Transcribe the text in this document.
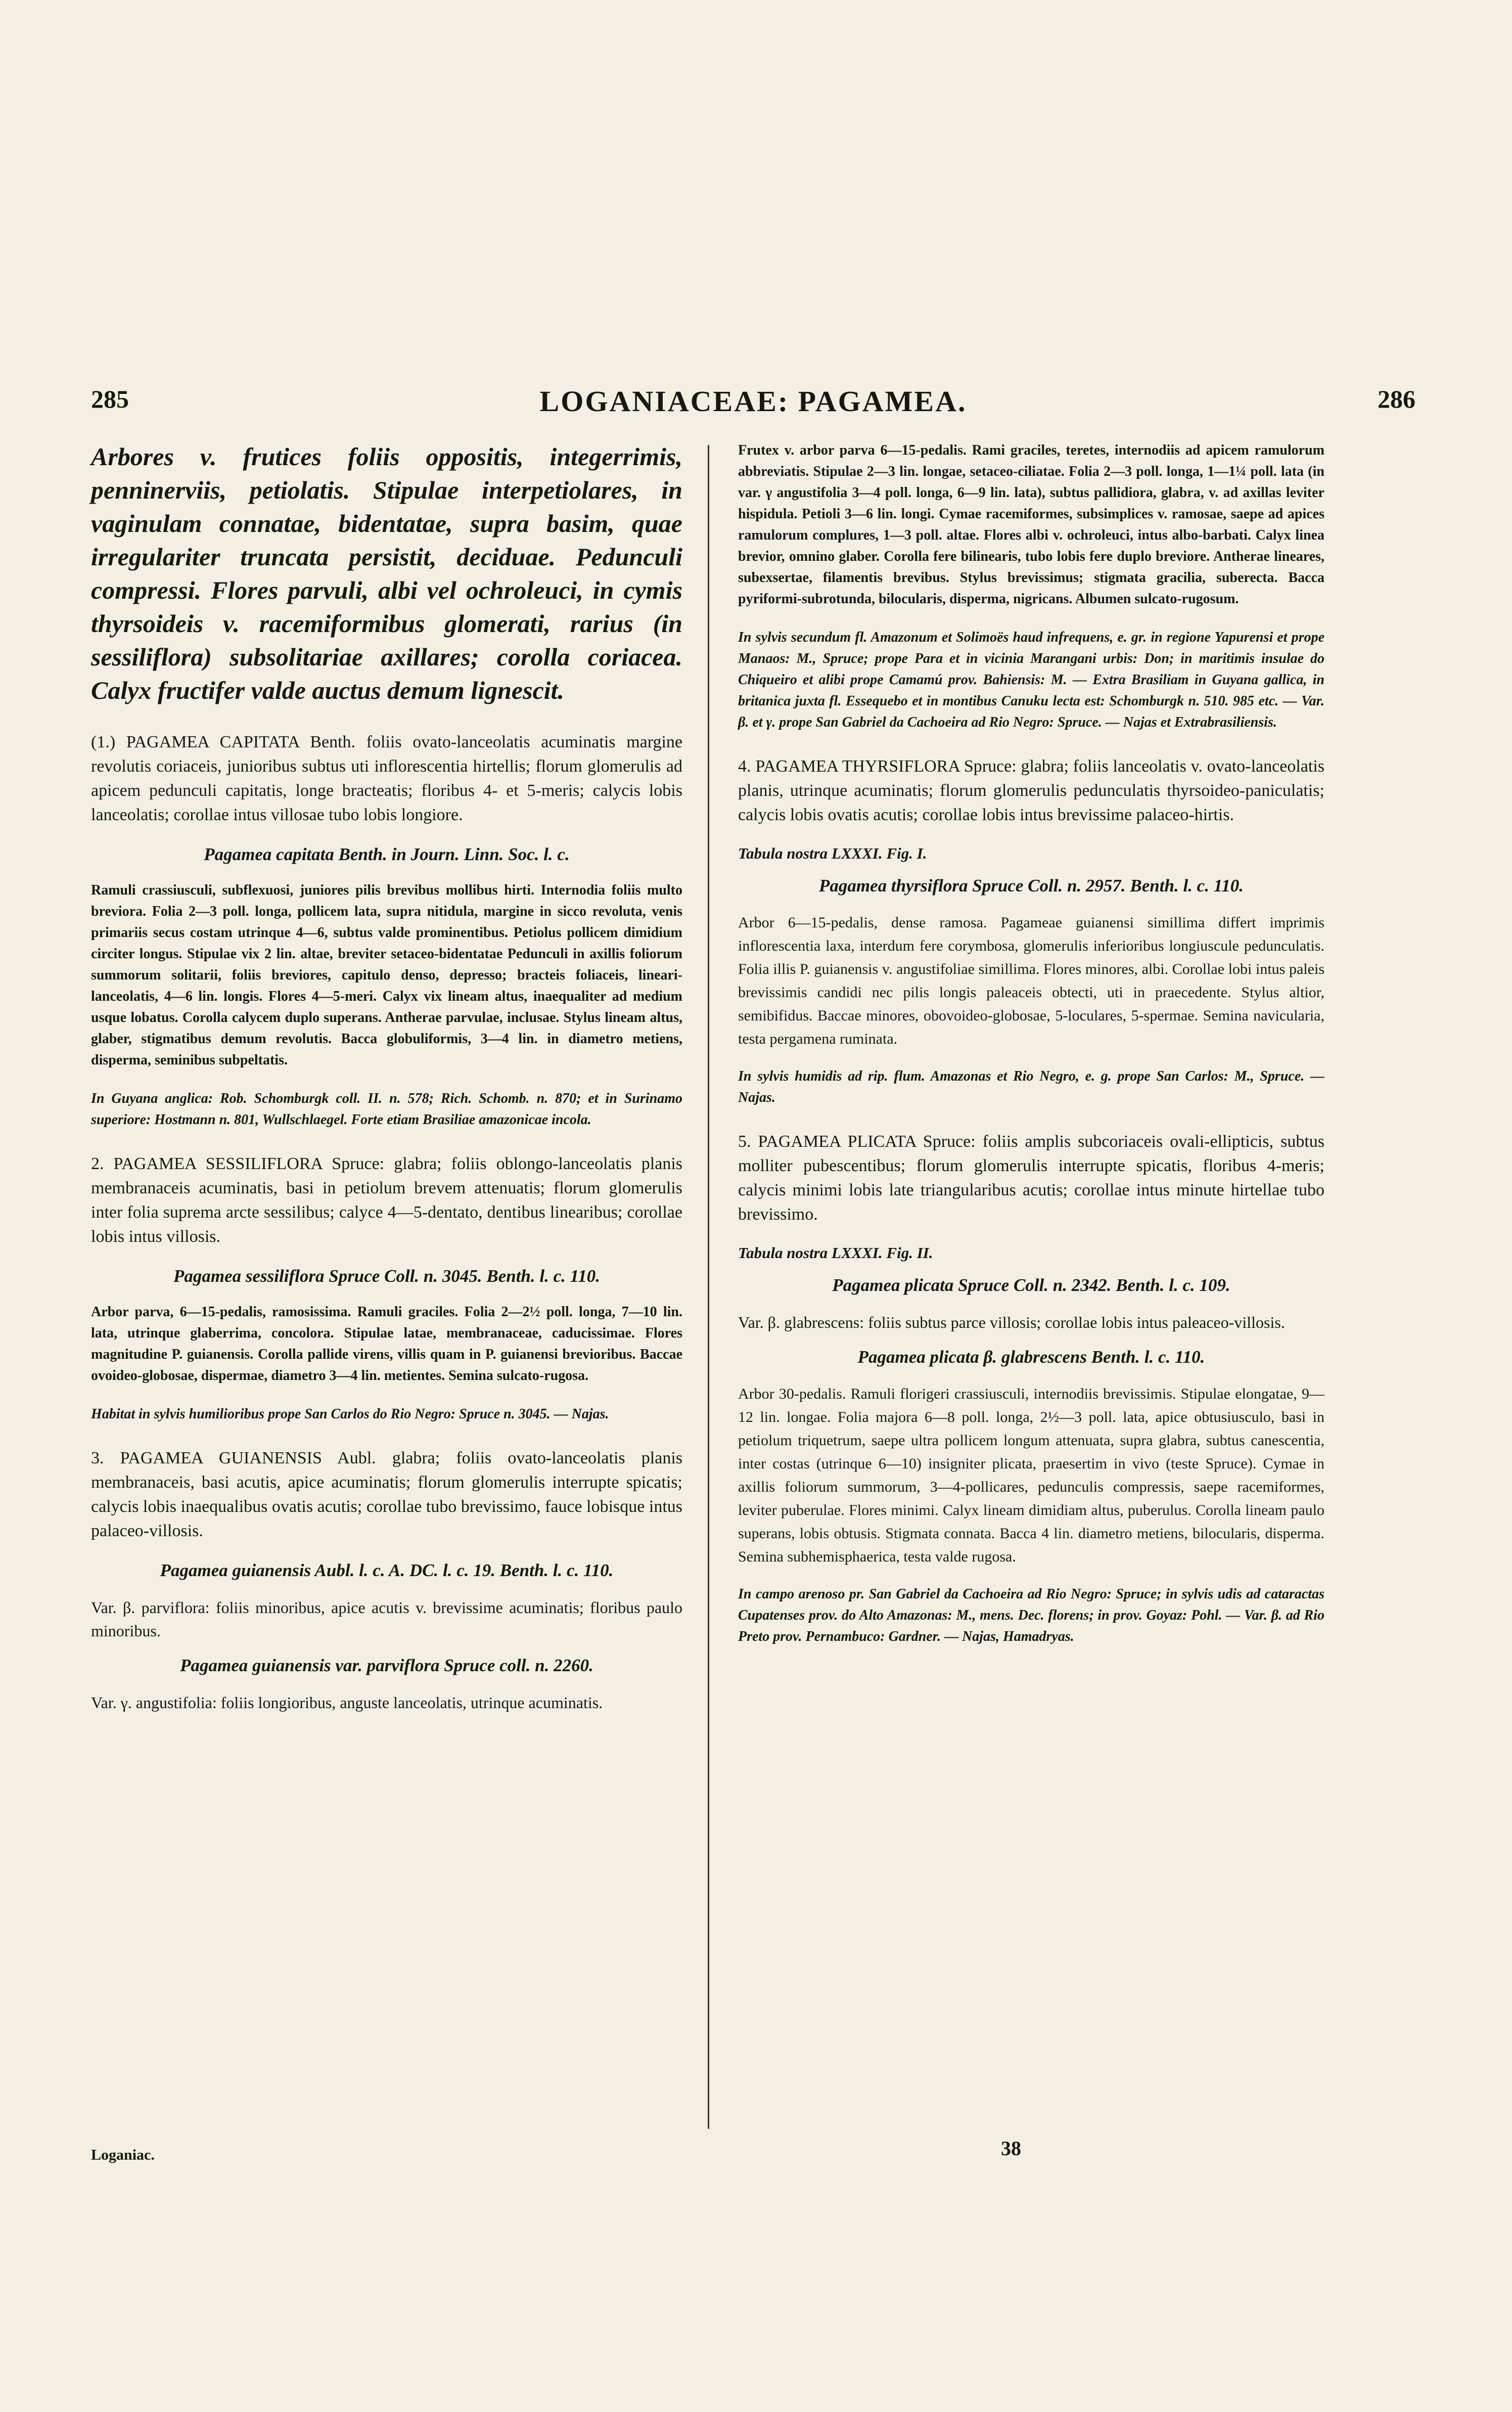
285	LOGANIACEAE: PAGAMEA.	286

Arbores v. frutices foliis oppositis, integerrimis, penninerviis, petiolatis. Stipulae interpetiolares, in vaginulam connatae, bidentatae, supra basim, quae irregulariter truncata persistit, deciduae. Pedunculi compressi. Flores parvuli, albi vel ochroleuci, in cymis thyrsoideis v. racemiformibus glomerati, rarius (in sessiliflora) subsolitariae axillares; corolla coriacea. Calyx fructifer valde auctus demum lignescit.

(1.) PAGAMEA CAPITATA Benth. foliis ovato-lanceolatis acuminatis margine revolutis coriaceis, junioribus subtus uti inflorescentia hirtellis; florum glomerulis ad apicem pedunculi capitatis, longe bracteatis; floribus 4- et 5-meris; calycis lobis lanceolatis; corollae intus villosae tubo lobis longiore.

Pagamea capitata Benth. in Journ. Linn. Soc. l. c.

Ramuli crassiusculi, subflexuosi, juniores pilis brevibus mollibus hirti. Internodia foliis multo breviora. Folia 2—3 poll. longa, pollicem lata, supra nitidula, margine in sicco revoluta, venis primariis secus costam utrinque 4—6, subtus valde prominentibus. Petiolus pollicem dimidium circiter longus. Stipulae vix 2 lin. altae, breviter setaceo-bidentatae Pedunculi in axillis foliorum summorum solitarii, foliis breviores, capitulo denso, depresso; bracteis foliaceis, lineari-lanceolatis, 4—6 lin. longis. Flores 4—5-meri. Calyx vix lineam altus, inaequaliter ad medium usque lobatus. Corolla calycem duplo superans. Antherae parvulae, inclusae. Stylus lineam altus, glaber, stigmatibus demum revolutis. Bacca globuliformis, 3—4 lin. in diametro metiens, disperma, seminibus subpeltatis.

In Guyana anglica: Rob. Schomburgk coll. II. n. 578; Rich. Schomb. n. 870; et in Surinamo superiore: Hostmann n. 801, Wullschlaegel. Forte etiam Brasiliae amazonicae incola.

2. PAGAMEA SESSILIFLORA Spruce: glabra; foliis oblongo-lanceolatis planis membranaceis acuminatis, basi in petiolum brevem attenuatis; florum glomerulis inter folia suprema arcte sessilibus; calyce 4—5-dentato, dentibus linearibus; corollae lobis intus villosis.

Pagamea sessiliflora Spruce Coll. n. 3045. Benth. l. c. 110.

Arbor parva, 6—15-pedalis, ramosissima. Ramuli graciles. Folia 2—2½ poll. longa, 7—10 lin. lata, utrinque glaberrima, concolora. Stipulae latae, membranaceae, caducissimae. Flores magnitudine P. guianensis. Corolla pallide virens, villis quam in P. guianensi brevioribus. Baccae ovoideo-globosae, dispermae, diametro 3—4 lin. metientes. Semina sulcato-rugosa.

Habitat in sylvis humilioribus prope San Carlos do Rio Negro: Spruce n. 3045. — Najas.

3. PAGAMEA GUIANENSIS Aubl. glabra; foliis ovato-lanceolatis planis membranaceis, basi acutis, apice acuminatis; florum glomerulis interrupte spicatis; calycis lobis inaequalibus ovatis acutis; corollae tubo brevissimo, fauce lobisque intus palaceo-villosis.

Pagamea guianensis Aubl. l. c. A. DC. l. c. 19. Benth. l. c. 110.

Var. β. parviflora: foliis minoribus, apice acutis v. brevissime acuminatis; floribus paulo minoribus.

Pagamea guianensis var. parviflora Spruce coll. n. 2260.

Var. γ. angustifolia: foliis longioribus, anguste lanceolatis, utrinque acuminatis.

Frutex v. arbor parva 6—15-pedalis. Rami graciles, teretes, internodiis ad apicem ramulorum abbreviatis. Stipulae 2—3 lin. longae, setaceo-ciliatae. Folia 2—3 poll. longa, 1—1¼ poll. lata (in var. γ angustifolia 3—4 poll. longa, 6—9 lin. lata), subtus pallidiora, glabra, v. ad axillas leviter hispidula. Petioli 3—6 lin. longi. Cymae racemiformes, subsimplices v. ramosae, saepe ad apices ramulorum complures, 1—3 poll. altae. Flores albi v. ochroleuci, intus albo-barbati. Calyx linea brevior, omnino glaber. Corolla fere bilinearis, tubo lobis fere duplo breviore. Antherae lineares, subexsertae, filamentis brevibus. Stylus brevissimus; stigmata gracilia, suberecta. Bacca pyriformi-subrotunda, bilocularis, disperma, nigricans. Albumen sulcato-rugosum.

In sylvis secundum fl. Amazonum et Solimoës haud infrequens, e. gr. in regione Yapurensi et prope Manaos: M., Spruce; prope Para et in vicinia Marangani urbis: Don; in maritimis insulae do Chiqueiro et alibi prope Camamú prov. Bahiensis: M. — Extra Brasiliam in Guyana gallica, in britanica juxta fl. Essequebo et in montibus Canuku lecta est: Schomburgk n. 510. 985 etc. — Var. β. et γ. prope San Gabriel da Cachoeira ad Rio Negro: Spruce. — Najas et Extrabrasiliensis.

4. PAGAMEA THYRSIFLORA Spruce: glabra; foliis lanceolatis v. ovato-lanceolatis planis, utrinque acuminatis; florum glomerulis pedunculatis thyrsoideo-paniculatis; calycis lobis ovatis acutis; corollae lobis intus brevissime palaceo-hirtis.

Tabula nostra LXXXI. Fig. I.

Pagamea thyrsiflora Spruce Coll. n. 2957. Benth. l. c. 110.

Arbor 6—15-pedalis, dense ramosa. Pagameae guianensi simillima differt imprimis inflorescentia laxa, interdum fere corymbosa, glomerulis inferioribus longiuscule pedunculatis. Folia illis P. guianensis v. angustifoliae simillima. Flores minores, albi. Corollae lobi intus paleis brevissimis candidi nec pilis longis paleaceis obtecti, uti in praecedente. Stylus altior, semibifidus. Baccae minores, obovoideo-globosae, 5-loculares, 5-spermae. Semina navicularia, testa pergamena ruminata.

In sylvis humidis ad rip. flum. Amazonas et Rio Negro, e. g. prope San Carlos: M., Spruce. — Najas.

5. PAGAMEA PLICATA Spruce: foliis amplis subcoriaceis ovali-ellipticis, subtus molliter pubescentibus; florum glomerulis interrupte spicatis, floribus 4-meris; calycis minimi lobis late triangularibus acutis; corollae intus minute hirtellae tubo brevissimo.

Tabula nostra LXXXI. Fig. II.

Pagamea plicata Spruce Coll. n. 2342. Benth. l. c. 109.

Var. β. glabrescens: foliis subtus parce villosis; corollae lobis intus paleaceo-villosis.

Pagamea plicata β. glabrescens Benth. l. c. 110.

Arbor 30-pedalis. Ramuli florigeri crassiusculi, internodiis brevissimis. Stipulae elongatae, 9—12 lin. longae. Folia majora 6—8 poll. longa, 2½—3 poll. lata, apice obtusiusculo, basi in petiolum triquetrum, saepe ultra pollicem longum attenuata, supra glabra, subtus canescentia, inter costas (utrinque 6—10) insigniter plicata, praesertim in vivo (teste Spruce). Cymae in axillis foliorum summorum, 3—4-pollicares, pedunculis compressis, saepe racemiformes, leviter puberulae. Flores minimi. Calyx lineam dimidiam altus, puberulus. Corolla lineam paulo superans, lobis obtusis. Stigmata connata. Bacca 4 lin. diametro metiens, bilocularis, disperma. Semina subhemisphaerica, testa valde rugosa.

In campo arenoso pr. San Gabriel da Cachoeira ad Rio Negro: Spruce; in sylvis udis ad cataractas Cupatenses prov. do Alto Amazonas: M., mens. Dec. florens; in prov. Goyaz: Pohl. — Var. β. ad Rio Preto prov. Pernambuco: Gardner. — Najas, Hamadryas.

Loganiac.	38
